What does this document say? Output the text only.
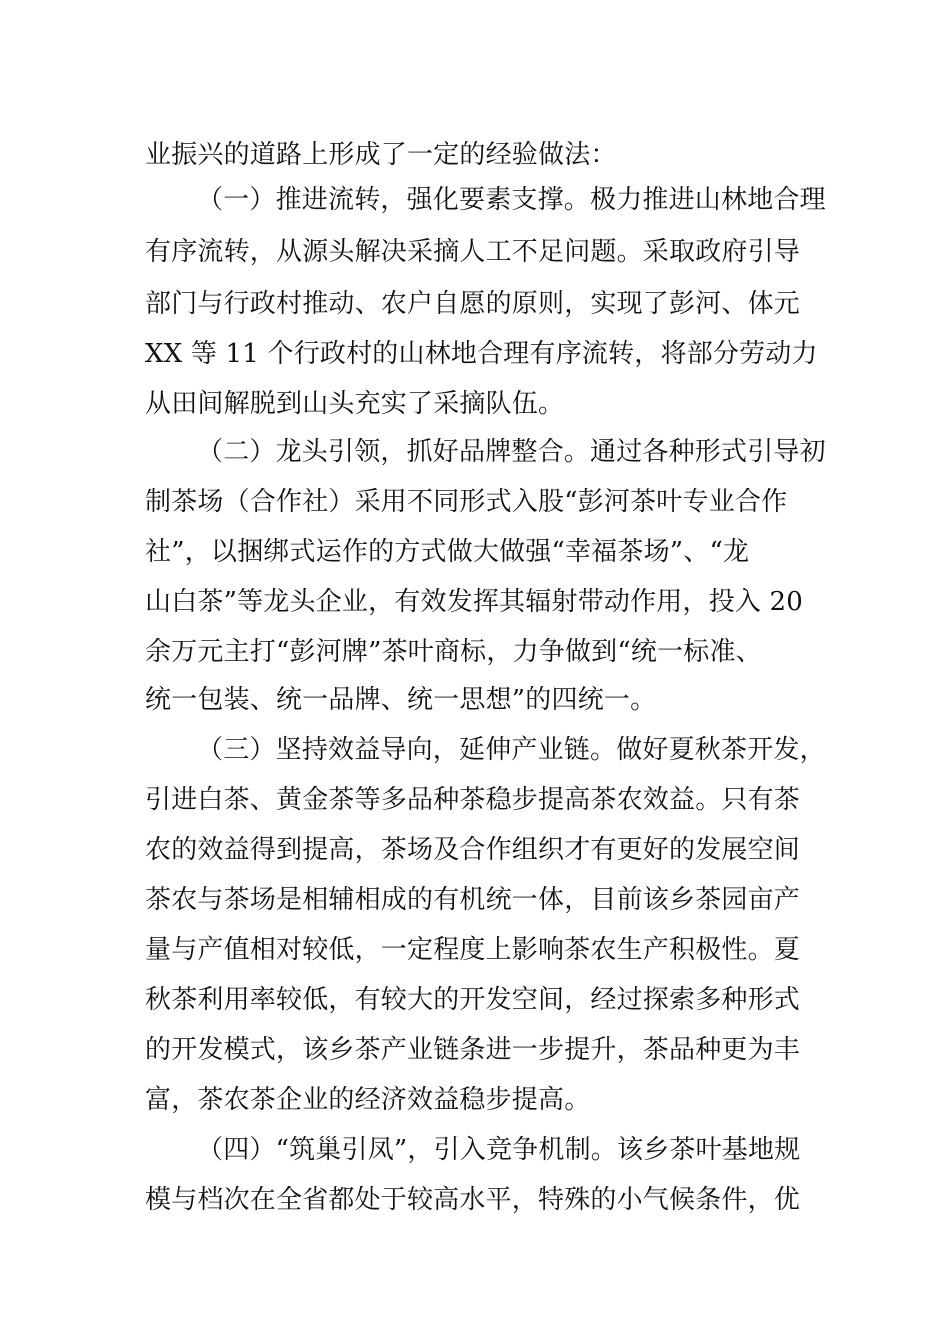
业振兴的道路上形成了一定的经验做法：
（一）推进流转，强化要素支撑。极力推进山林地合理
有序流转，从源头解决采摘人工不足问题。采取政府引导
部门与行政村推动、农户自愿的原则，实现了彭河、体元
XX 等 11 个行政村的山林地合理有序流转，将部分劳动力
从田间解脱到山头充实了采摘队伍。
（二）龙头引领，抓好品牌整合。通过各种形式引导初
制茶场（合作社）采用不同形式入股“彭河茶叶专业合作
社”，以捆绑式运作的方式做大做强“幸福茶场”、“龙
山白茶”等龙头企业，有效发挥其辐射带动作用，投入 20
余万元主打“彭河牌”茶叶商标，力争做到“统一标准、
统一包装、统一品牌、统一思想”的四统一。
（三）坚持效益导向，延伸产业链。做好夏秋茶开发，
引进白茶、黄金茶等多品种茶稳步提高茶农效益。只有茶
农的效益得到提高，茶场及合作组织才有更好的发展空间
茶农与茶场是相辅相成的有机统一体，目前该乡茶园亩产
量与产值相对较低，一定程度上影响茶农生产积极性。夏
秋茶利用率较低，有较大的开发空间，经过探索多种形式
的开发模式，该乡茶产业链条进一步提升，茶品种更为丰
富，茶农茶企业的经济效益稳步提高。
（四）“筑巢引凤”，引入竞争机制。该乡茶叶基地规
模与档次在全省都处于较高水平，特殊的小气候条件，优
